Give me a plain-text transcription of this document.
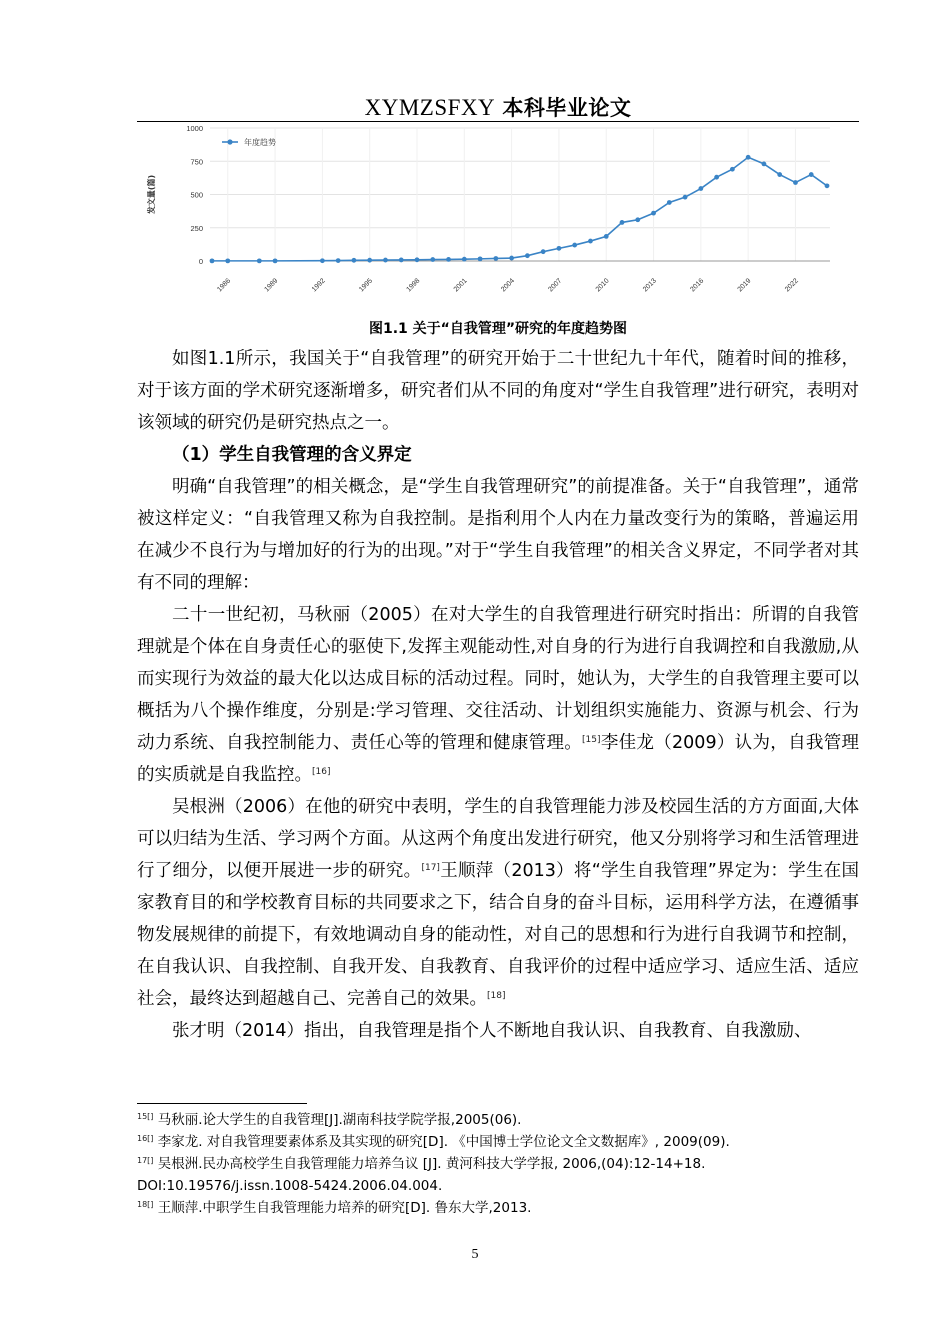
XYMZSFXY 本科毕业论文
0
250
500
750
1000
1986	1989	1992	1995	1998	2001	2004	2007	2010	2013	2016	2019	2022
发文量(篇)
年度趋势
图1.1 关于“自我管理”研究的年度趋势图

如图1.1所示，我国关于“自我管理”的研究开始于二十世纪九十年代，随着时间的推移，对于该方面的学术研究逐渐增多，研究者们从不同的角度对“学生自我管理”进行研究，表明对该领域的研究仍是研究热点之一。

（1）学生自我管理的含义界定

明确“自我管理”的相关概念，是“学生自我管理研究”的前提准备。关于“自我管理”，通常被这样定义：“自我管理又称为自我控制。是指利用个人内在力量改变行为的策略，普遍运用在减少不良行为与增加好的行为的出现。”对于“学生自我管理”的相关含义界定，不同学者对其有不同的理解：

二十一世纪初，马秋丽（2005）在对大学生的自我管理进行研究时指出：所谓的自我管理就是个体在自身责任心的驱使下,发挥主观能动性,对自身的行为进行自我调控和自我激励,从而实现行为效益的最大化以达成目标的活动过程。同时，她认为，大学生的自我管理主要可以概括为八个操作维度，分别是:学习管理、交往活动、计划组织实施能力、资源与机会、行为动力系统、自我控制能力、责任心等的管理和健康管理。[15]李佳龙（2009）认为，自我管理的实质就是自我监控。[16]

吴根洲（2006）在他的研究中表明，学生的自我管理能力涉及校园生活的方方面面,大体可以归结为生活、学习两个方面。从这两个角度出发进行研究，他又分别将学习和生活管理进行了细分，以便开展进一步的研究。[17]王顺萍（2013）将“学生自我管理”界定为：学生在国家教育目的和学校教育目标的共同要求之下，结合自身的奋斗目标，运用科学方法，在遵循事物发展规律的前提下，有效地调动自身的能动性，对自己的思想和行为进行自我调节和控制，在自我认识、自我控制、自我开发、自我教育、自我评价的过程中适应学习、适应生活、适应社会，最终达到超越自己、完善自己的效果。[18]

张才明（2014）指出，自我管理是指个人不断地自我认识、自我教育、自我激励、

$^{15[]}$ 马秋丽.论大学生的自我管理[J].湖南科技学院学报,2005(06).
$^{16[]}$ 李家龙. 对自我管理要素体系及其实现的研究[D]. 《中国博士学位论文全文数据库》, 2009(09).
$^{17[]}$ 吴根洲.民办高校学生自我管理能力培养刍议 [J]. 黄河科技大学学报, 2006,(04):12-14+18. DOI:10.19576/j.issn.1008-5424.2006.04.004.
$^{18[]}$ 王顺萍.中职学生自我管理能力培养的研究[D]. 鲁东大学,2013.
5
